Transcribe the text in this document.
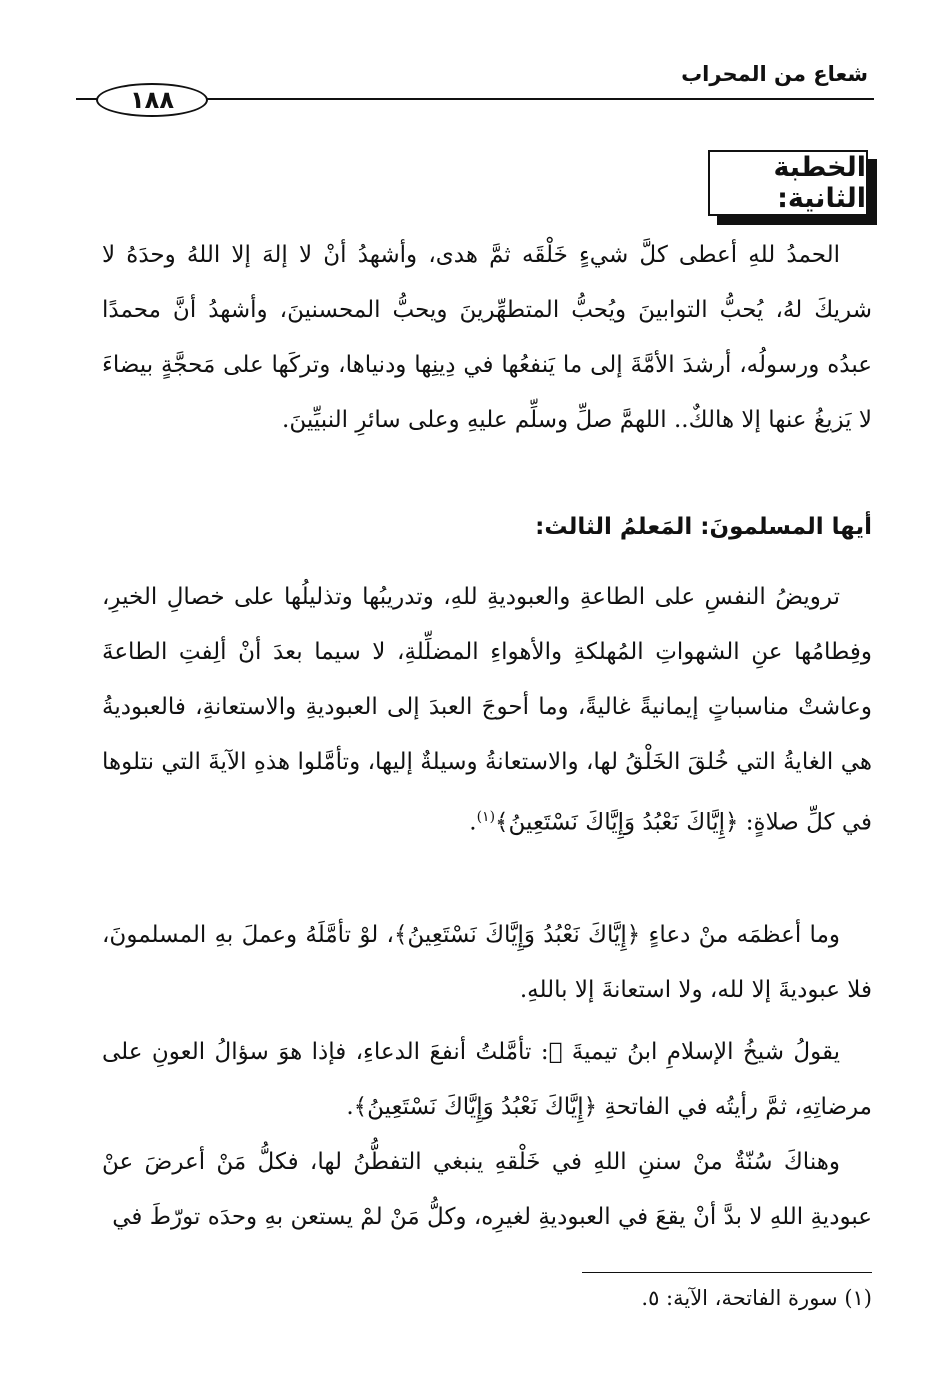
شعاع من المحراب
١٨٨
الخطبة الثانية:
الحمدُ للهِ أعطى كلَّ شيءٍ خَلْقَه ثمَّ هدى، وأشهدُ أنْ لا إلهَ إلا اللهُ وحدَهُ لا شريكَ لهُ، يُحبُّ التوابينَ ويُحبُّ المتطهِّرينَ ويحبُّ المحسنينَ، وأشهدُ أنَّ محمدًا عبدُه ورسولُه، أرشدَ الأمَّةَ إلى ما يَنفعُها في دِينِها ودنياها، وتركَها على مَحجَّةٍ بيضاءَ لا يَزيغُ عنها إلا هالكٌ.. اللهمَّ صلِّ وسلِّم عليهِ وعلى سائرِ النبيِّينَ.
أيها المسلمونَ: المَعلمُ الثالث:
ترويضُ النفسِ على الطاعةِ والعبوديةِ للهِ، وتدريبُها وتذليلُها على خصالِ الخيرِ، وفِطامُها عنِ الشهواتِ المُهلكةِ والأهواءِ المضلِّلةِ، لا سيما بعدَ أنْ ألِفتِ الطاعةَ وعاشتْ مناسباتٍ إيمانيةً غاليةً، وما أحوجَ العبدَ إلى العبوديةِ والاستعانةِ، فالعبوديةُ هي الغايةُ التي خُلقَ الخَلْقُ لها، والاستعانةُ وسيلةٌ إليها، وتأمَّلوا هذهِ الآيةَ التي نتلوها في كلِّ صلاةٍ: ﴿إِيَّاكَ نَعْبُدُ وَإِيَّاكَ نَسْتَعِينُ﴾$^{(١)}$.
وما أعظمَه منْ دعاءٍ ﴿إِيَّاكَ نَعْبُدُ وَإِيَّاكَ نَسْتَعِينُ﴾، لوْ تأمَّلَهُ وعملَ بهِ المسلمونَ، فلا عبوديةَ إلا لله، ولا استعانةَ إلا باللهِ.
يقولُ شيخُ الإسلامِ ابنُ تيميةَ ﷫: تأمَّلتُ أنفعَ الدعاءِ، فإذا هوَ سؤالُ العونِ على مرضاتِهِ، ثمَّ رأيتُه في الفاتحةِ ﴿إِيَّاكَ نَعْبُدُ وَإِيَّاكَ نَسْتَعِينُ﴾.
وهناكَ سُنّةٌ منْ سننِ اللهِ في خَلْقهِ ينبغي التفطُّنُ لها، فكلُّ مَنْ أعرضَ عنْ عبوديةِ اللهِ لا بدَّ أنْ يقعَ في العبوديةِ لغيرِه، وكلُّ مَنْ لمْ يستعن بهِ وحدَه تورّطَ في
(١) سورة الفاتحة، الآية: ٥.
